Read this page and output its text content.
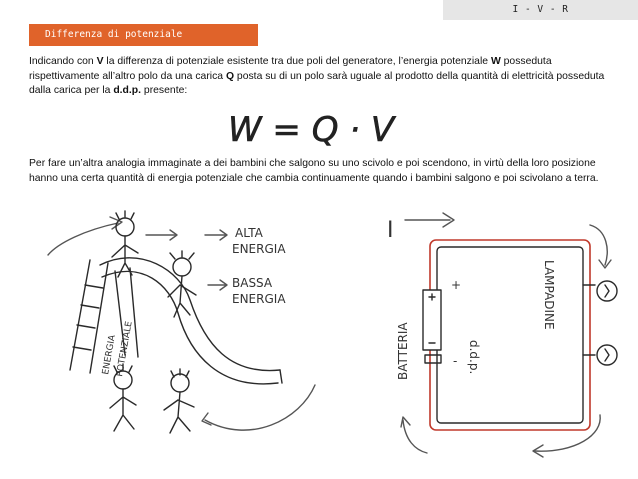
I - V - R
Differenza di potenziale

Indicando con V la differenza di potenziale esistente tra due poli del generatore, l’energia potenziale W posseduta rispettivamente all’altro polo da una carica Q posta su di un polo sarà uguale al prodotto della quantità di elettricità posseduta dalla carica per la d.d.p. presente:

W = Q · V

Per fare un’altra analogia immaginate a dei bambini che salgono su uno scivolo e poi scendono, in virtù della loro posizione hanno una certa quantità di energia potenziale che cambia continuamente quando i bambini salgono e poi scivolano a terra.

ALTA
ENERGIA
BASSA
ENERGIA
ENERGIA
POTENZIALE
I
+
-
BATTERIA	d.d.p.
LAMPADINE
